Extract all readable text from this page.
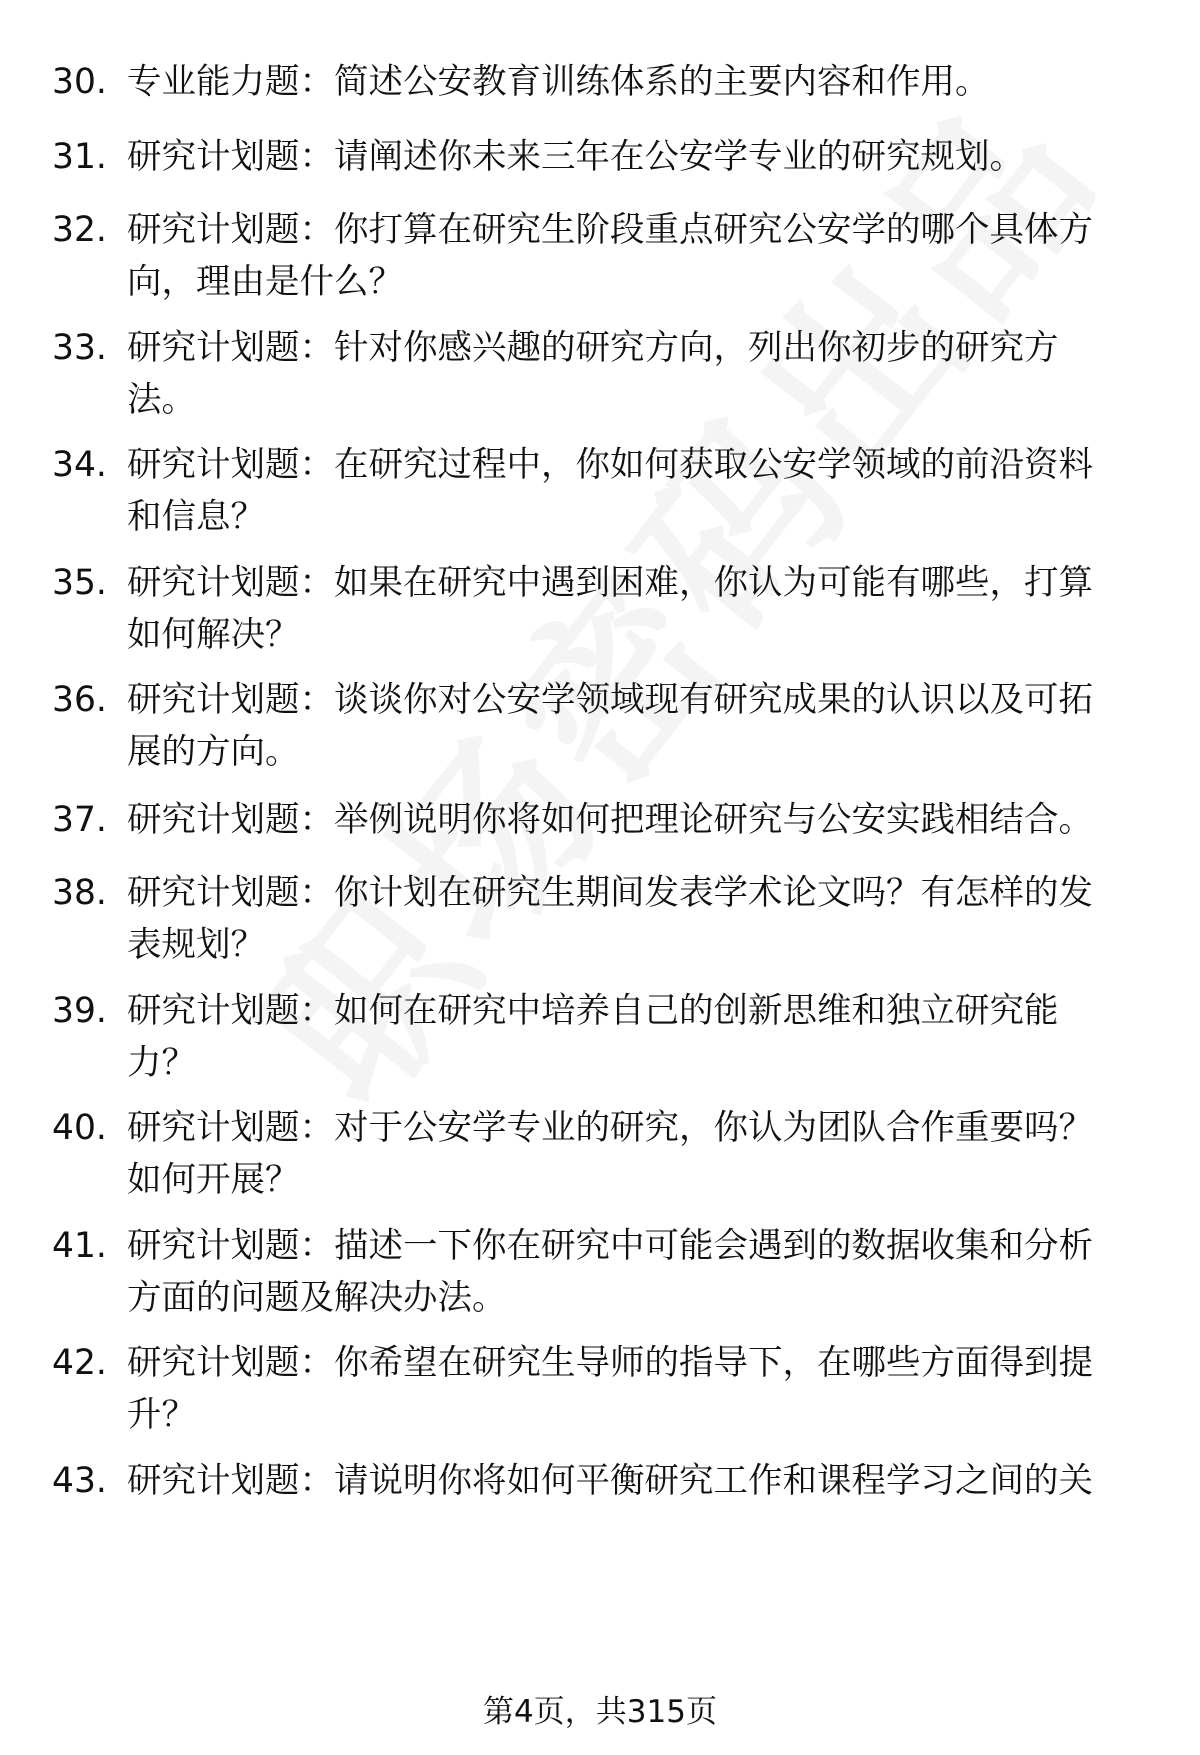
30. 专业能力题：简述公安教育训练体系的主要内容和作用。
31. 研究计划题：请阐述你未来三年在公安学专业的研究规划。
32. 研究计划题：你打算在研究生阶段重点研究公安学的哪个具体方
向，理由是什么？
33. 研究计划题：针对你感兴趣的研究方向，列出你初步的研究方
法。
34. 研究计划题：在研究过程中，你如何获取公安学领域的前沿资料
和信息？
35. 研究计划题：如果在研究中遇到困难，你认为可能有哪些，打算
如何解决？
36. 研究计划题：谈谈你对公安学领域现有研究成果的认识以及可拓
展的方向。
37. 研究计划题：举例说明你将如何把理论研究与公安实践相结合。
38. 研究计划题：你计划在研究生期间发表学术论文吗？有怎样的发
表规划？
39. 研究计划题：如何在研究中培养自己的创新思维和独立研究能
力？
40. 研究计划题：对于公安学专业的研究，你认为团队合作重要吗？
如何开展？
41. 研究计划题：描述一下你在研究中可能会遇到的数据收集和分析
方面的问题及解决办法。
42. 研究计划题：你希望在研究生导师的指导下，在哪些方面得到提
升？
43. 研究计划题：请说明你将如何平衡研究工作和课程学习之间的关
第4页，共315页
